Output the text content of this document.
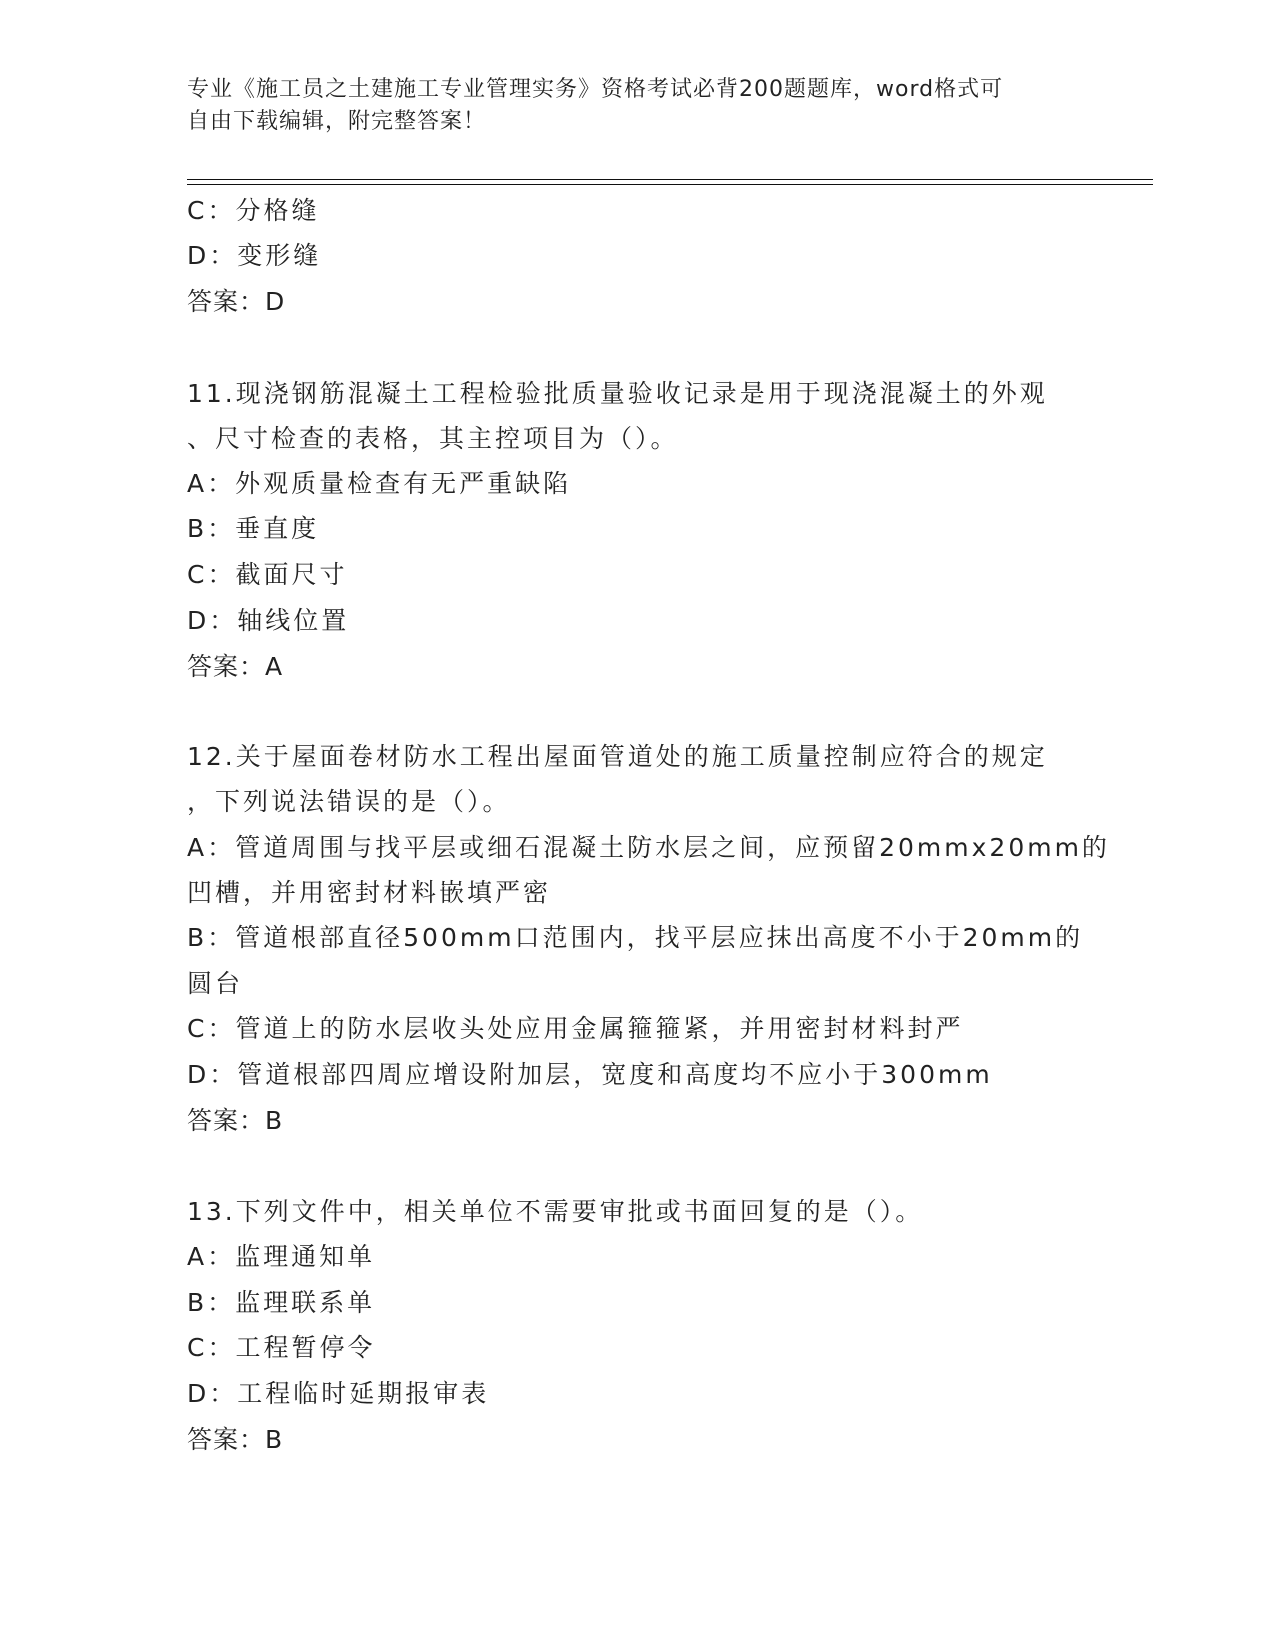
专业《施工员之土建施工专业管理实务》资格考试必背200题题库，word格式可
自由下载编辑，附完整答案！
C：分格缝
D：变形缝
答案：D
11.现浇钢筋混凝土工程检验批质量验收记录是用于现浇混凝土的外观
、尺寸检查的表格，其主控项目为（）。
A：外观质量检查有无严重缺陷
B：垂直度
C：截面尺寸
D：轴线位置
答案：A
12.关于屋面卷材防水工程出屋面管道处的施工质量控制应符合的规定
，下列说法错误的是（）。
A：管道周围与找平层或细石混凝土防水层之间，应预留20mmx20mm的
凹槽，并用密封材料嵌填严密
B：管道根部直径500mm口范围内，找平层应抹出高度不小于20mm的
圆台
C：管道上的防水层收头处应用金属箍箍紧，并用密封材料封严
D：管道根部四周应增设附加层，宽度和高度均不应小于300mm
答案：B
13.下列文件中，相关单位不需要审批或书面回复的是（）。
A：监理通知单
B：监理联系单
C：工程暂停令
D：工程临时延期报审表
答案：B
